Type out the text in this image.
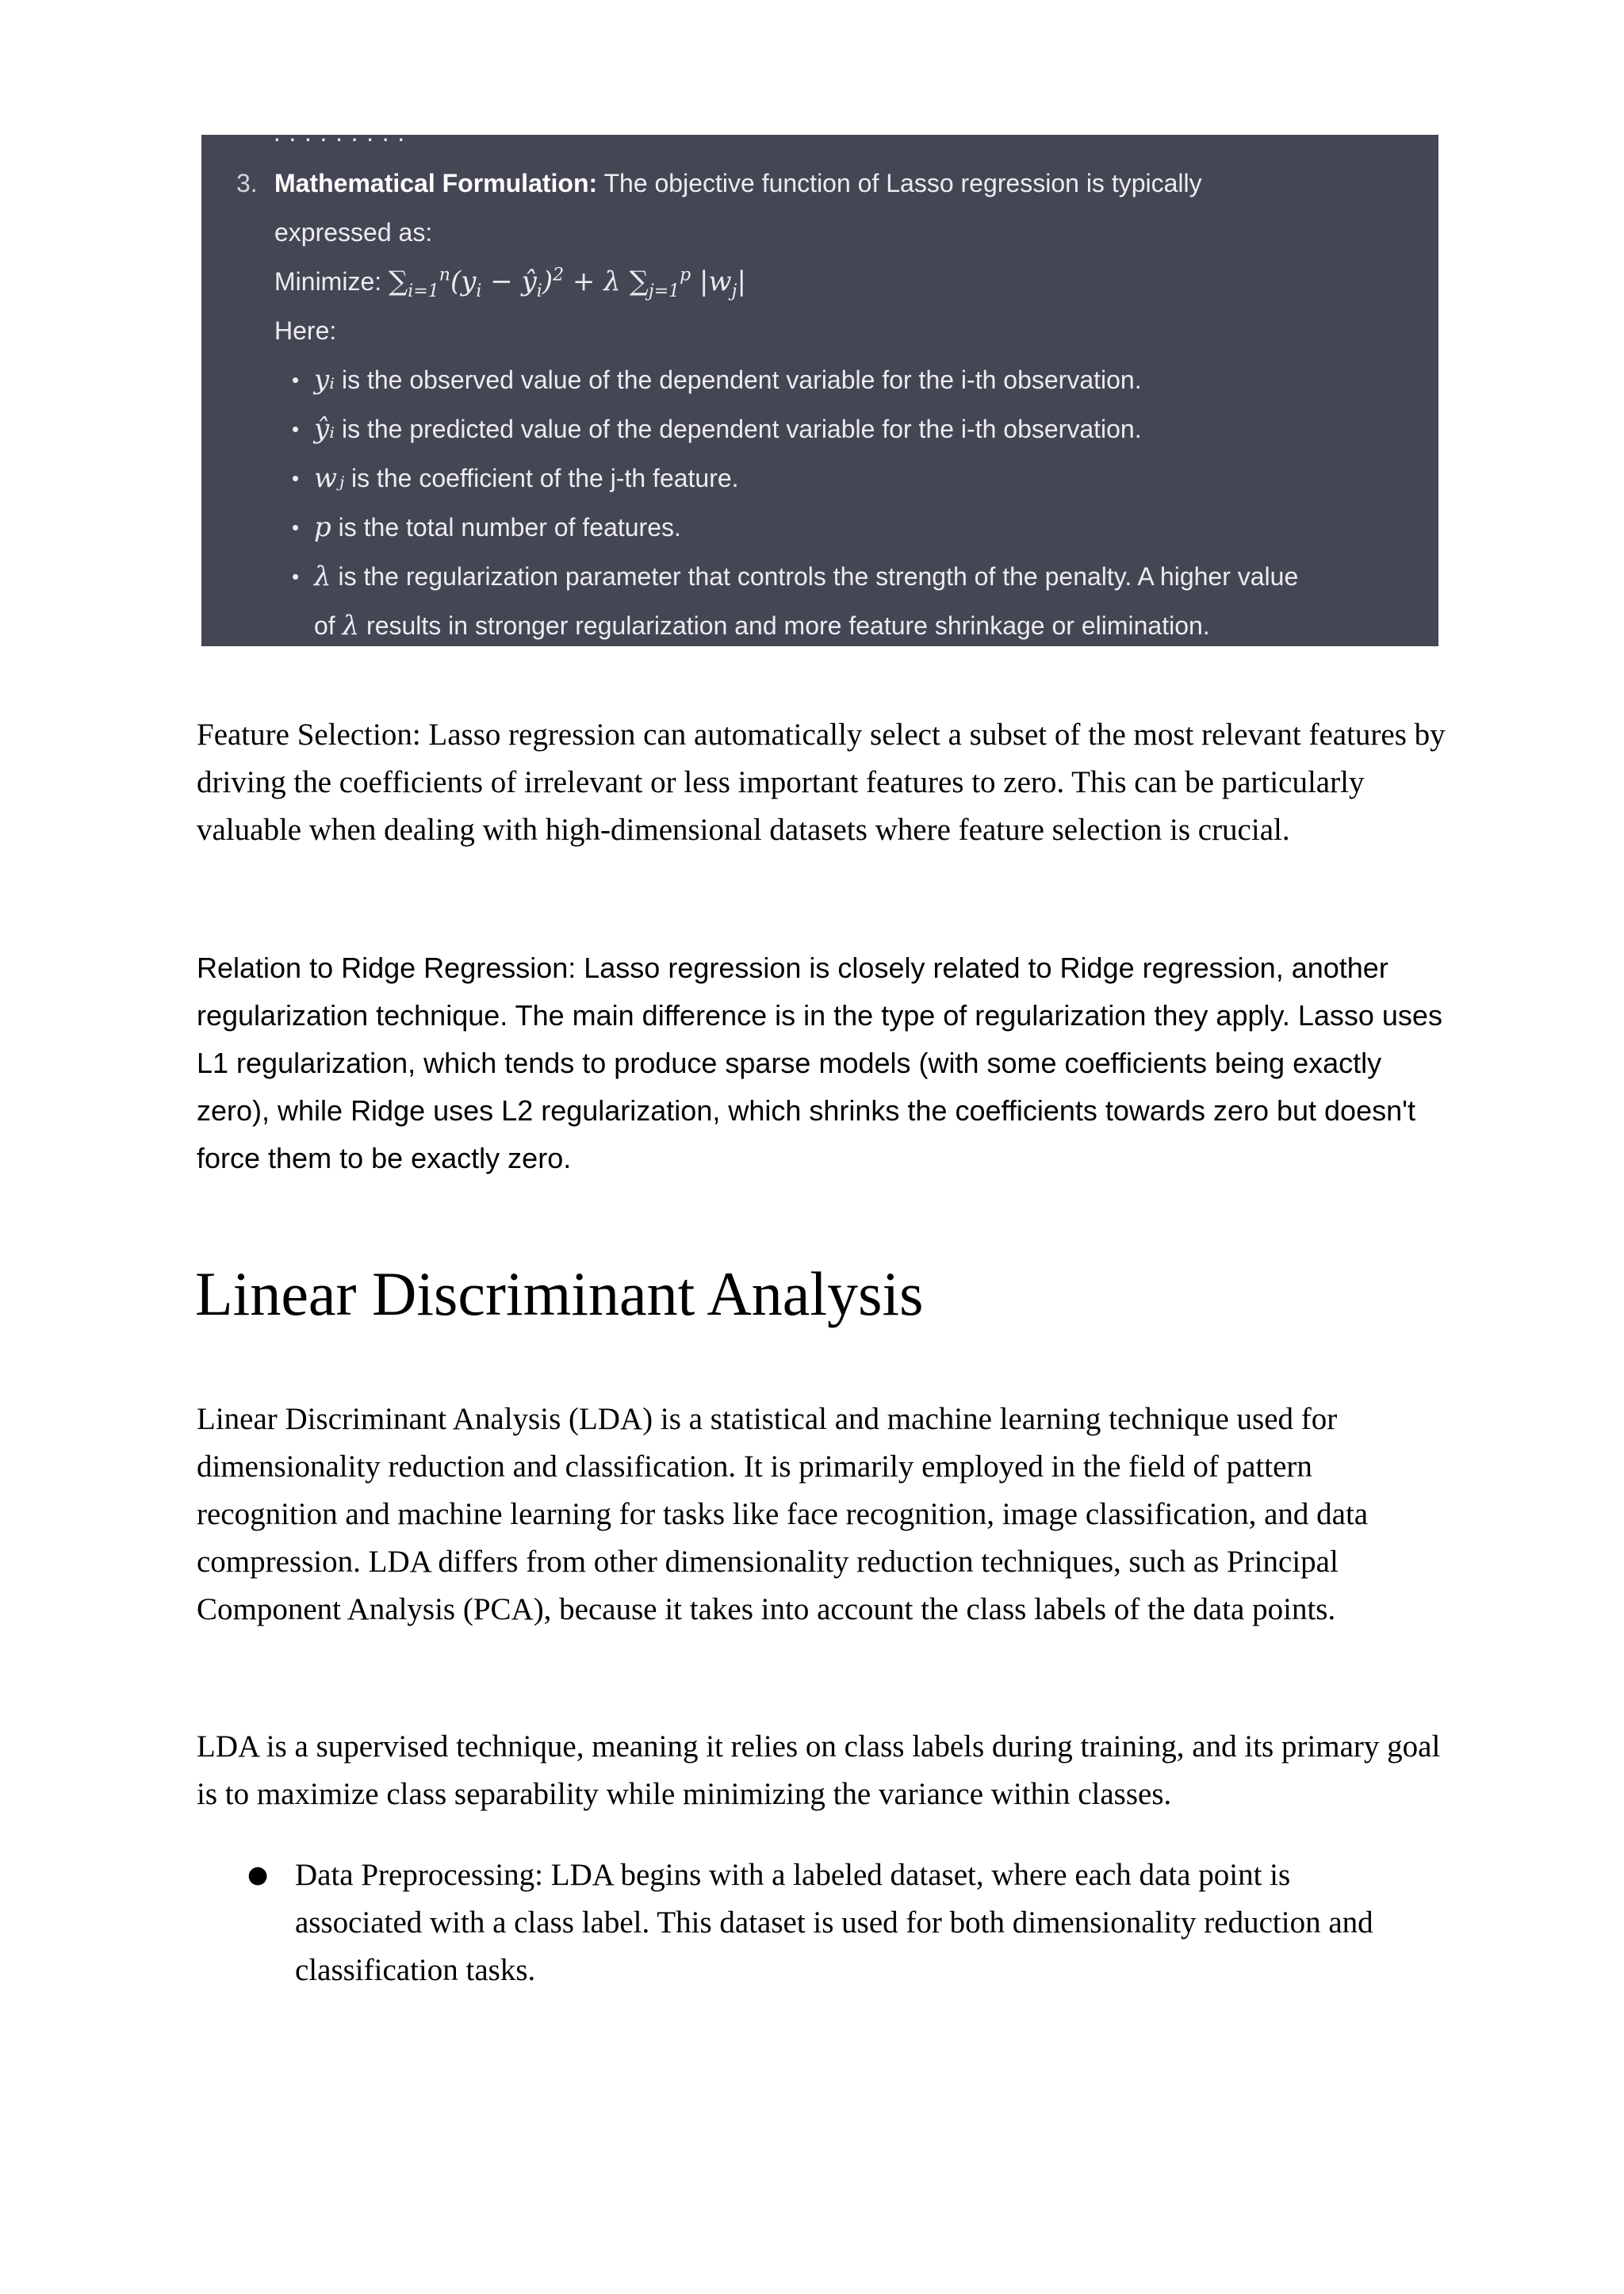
· · · · · · · · ·
3. Mathematical Formulation: The objective function of Lasso regression is typically
expressed as:
Minimize: $\sum_{i=1}^n(y_i$ − $ŷ_i)^2 + \lambda$ $\sum_{j=1}^p$ $|w_j|$
Here:
• yᵢ is the observed value of the dependent variable for the i-th observation.
• ŷᵢ is the predicted value of the dependent variable for the i-th observation.
• wⱼ is the coefficient of the j-th feature.
• p is the total number of features.
• λ is the regularization parameter that controls the strength of the penalty. A higher value
of λ results in stronger regularization and more feature shrinkage or elimination.

Feature Selection: Lasso regression can automatically select a subset of the most relevant features by driving the coefficients of irrelevant or less important features to zero. This can be particularly valuable when dealing with high-dimensional datasets where feature selection is crucial.

Relation to Ridge Regression: Lasso regression is closely related to Ridge regression, another regularization technique. The main difference is in the type of regularization they apply. Lasso uses L1 regularization, which tends to produce sparse models (with some coefficients being exactly zero), while Ridge uses L2 regularization, which shrinks the coefficients towards zero but doesn't force them to be exactly zero.

Linear Discriminant Analysis

Linear Discriminant Analysis (LDA) is a statistical and machine learning technique used for dimensionality reduction and classification. It is primarily employed in the field of pattern recognition and machine learning for tasks like face recognition, image classification, and data compression. LDA differs from other dimensionality reduction techniques, such as Principal Component Analysis (PCA), because it takes into account the class labels of the data points.

LDA is a supervised technique, meaning it relies on class labels during training, and its primary goal is to maximize class separability while minimizing the variance within classes.

● Data Preprocessing: LDA begins with a labeled dataset, where each data point is associated with a class label. This dataset is used for both dimensionality reduction and classification tasks.
